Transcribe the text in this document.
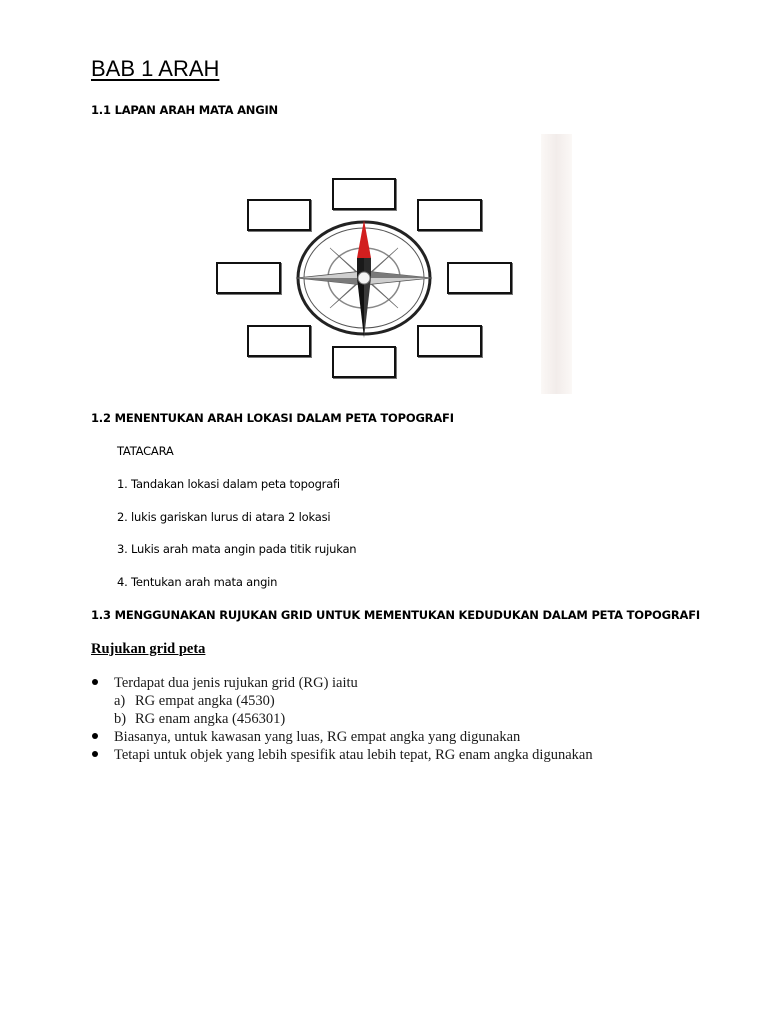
BAB 1 ARAH
1.1 LAPAN ARAH MATA ANGIN
1.2 MENENTUKAN ARAH LOKASI DALAM PETA TOPOGRAFI
TATACARA
1. Tandakan lokasi dalam peta topografi
2. lukis gariskan lurus di atara 2 lokasi
3. Lukis arah mata angin pada titik rujukan
4. Tentukan arah mata angin
1.3 MENGGUNAKAN RUJUKAN GRID UNTUK MEMENTUKAN KEDUDUKAN DALAM PETA TOPOGRAFI
Rujukan grid peta
Terdapat dua jenis rujukan grid (RG) iaitu
a) RG empat angka (4530)
b) RG enam angka (456301)
Biasanya, untuk kawasan yang luas, RG empat angka yang digunakan
Tetapi untuk objek yang lebih spesifik atau lebih tepat, RG enam angka digunakan
